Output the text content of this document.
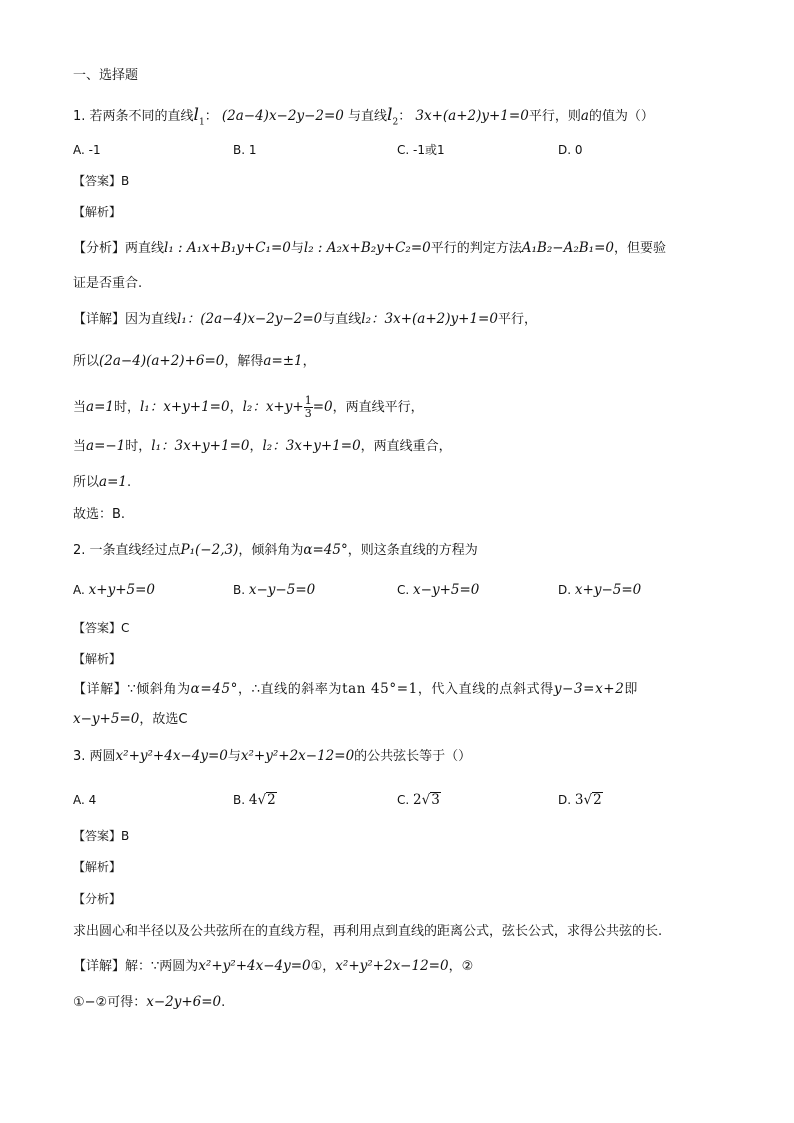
一、选择题
1. 若两条不同的直线$l_1$： (2a−4)x−2y−2=0 与直线$l_2$： 3x+(a+2)y+1=0平行，则a的值为（）
A. -1	B. 1	C. -1或1	D. 0
【答案】B
【解析】
【分析】两直线l₁ : A₁x+B₁y+C₁=0与l₂ : A₂x+B₂y+C₂=0平行的判定方法A₁B₂−A₂B₁=0，但要验
证是否重合.
【详解】因为直线l₁：(2a−4)x−2y−2=0与直线l₂：3x+(a+2)y+1=0平行，
所以(2a−4)(a+2)+6=0，解得a=±1，
当a=1时，l₁：x+y+1=0，l₂：$x+y+ \frac{1}{3} =0$，两直线平行，
当a=−1时，l₁：3x+y+1=0，l₂：3x+y+1=0，两直线重合，
所以a=1.
故选：B.
2. 一条直线经过点P₁(−2,3)，倾斜角为α=45°，则这条直线的方程为
A. x+y+5=0	B. x−y−5=0	C. x−y+5=0	D. x+y−5=0
【答案】C
【解析】
【详解】∵倾斜角为α=45°，∴直线的斜率为tan 45°=1，代入直线的点斜式得y−3=x+2即
x−y+5=0，故选C
3. 两圆x²+y²+4x−4y=0与x²+y²+2x−12=0的公共弦长等于（）
A. 4	B. 4√2	C. 2√3	D. 3√2
【答案】B
【解析】
【分析】
求出圆心和半径以及公共弦所在的直线方程，再利用点到直线的距离公式，弦长公式，求得公共弦的长.
【详解】解：∵两圆为x²+y²+4x−4y=0①，x²+y²+2x−12=0，②
①−②可得：x−2y+6=0.
